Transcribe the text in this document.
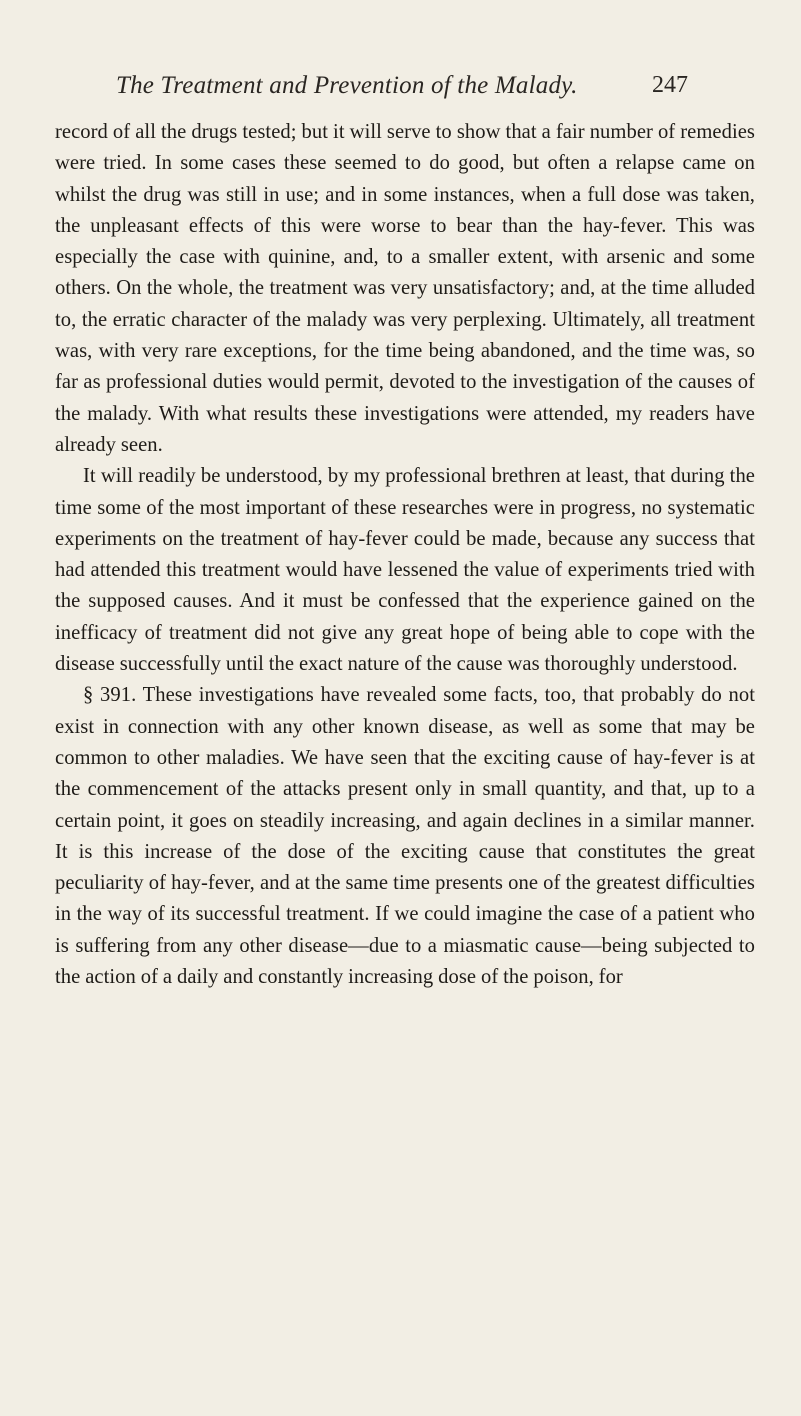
The Treatment and Prevention of the Malady.	247

record of all the drugs tested; but it will serve to show that a fair number of remedies were tried. In some cases these seemed to do good, but often a relapse came on whilst the drug was still in use; and in some instances, when a full dose was taken, the unpleasant effects of this were worse to bear than the hay-fever. This was especially the case with quinine, and, to a smaller extent, with arsenic and some others. On the whole, the treatment was very unsatisfactory; and, at the time alluded to, the erratic character of the malady was very perplexing. Ultimately, all treatment was, with very rare exceptions, for the time being abandoned, and the time was, so far as professional duties would permit, devoted to the investigation of the causes of the malady. With what results these investigations were attended, my readers have already seen.

It will readily be understood, by my professional brethren at least, that during the time some of the most important of these researches were in progress, no systematic experiments on the treatment of hay-fever could be made, because any success that had attended this treatment would have lessened the value of experiments tried with the supposed causes. And it must be confessed that the experience gained on the inefficacy of treatment did not give any great hope of being able to cope with the disease successfully until the exact nature of the cause was thoroughly understood.

§ 391. These investigations have revealed some facts, too, that probably do not exist in connection with any other known disease, as well as some that may be common to other maladies. We have seen that the exciting cause of hay-fever is at the commencement of the attacks present only in small quantity, and that, up to a certain point, it goes on steadily increasing, and again declines in a similar manner. It is this increase of the dose of the exciting cause that constitutes the great peculiarity of hay-fever, and at the same time presents one of the greatest difficulties in the way of its successful treatment. If we could imagine the case of a patient who is suffering from any other disease—due to a miasmatic cause—being subjected to the action of a daily and constantly increasing dose of the poison, for
